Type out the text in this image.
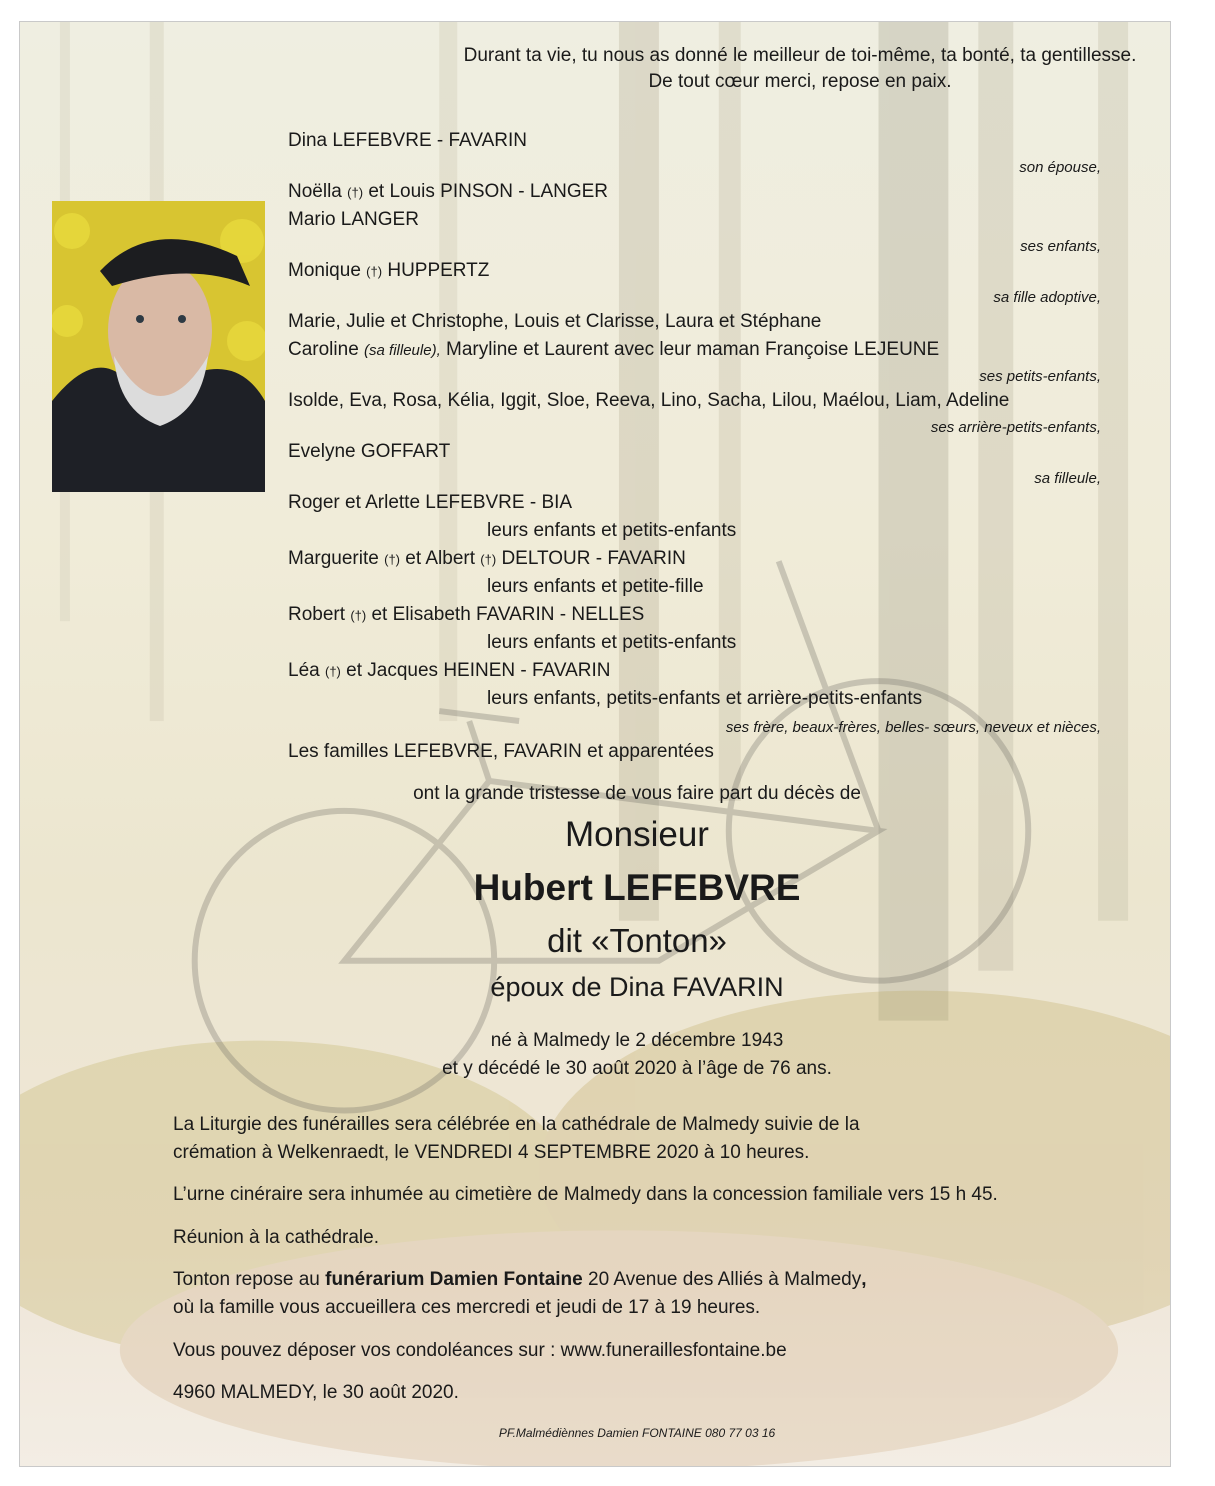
Durant ta vie, tu nous as donné le meilleur de toi-même, ta bonté, ta gentillesse.
De tout cœur merci, repose en paix.
Dina LEFEBVRE - FAVARIN
son épouse,
Noëlla (†) et Louis PINSON - LANGER
Mario LANGER
ses enfants,
Monique (†) HUPPERTZ
sa fille adoptive,
Marie, Julie et Christophe, Louis et Clarisse, Laura et Stéphane
Caroline (sa filleule), Maryline et Laurent avec leur maman Françoise LEJEUNE
ses petits-enfants,
Isolde, Eva, Rosa, Kélia, Iggit, Sloe, Reeva, Lino, Sacha, Lilou, Maélou, Liam, Adeline
ses arrière-petits-enfants,
Evelyne GOFFART
sa filleule,
Roger et Arlette LEFEBVRE - BIA
leurs enfants et petits-enfants
Marguerite (†) et Albert (†) DELTOUR - FAVARIN
leurs enfants et petite-fille
Robert (†) et Elisabeth FAVARIN - NELLES
leurs enfants et petits-enfants
Léa (†) et Jacques HEINEN - FAVARIN
leurs enfants, petits-enfants et arrière-petits-enfants
ses frère, beaux-frères, belles- sœurs, neveux et nièces,
Les familles LEFEBVRE, FAVARIN et apparentées
ont la grande tristesse de vous faire part du décès de
Monsieur
Hubert LEFEBVRE
dit «Tonton»
époux de Dina FAVARIN
né à Malmedy le 2 décembre 1943
et y décédé le 30 août 2020 à l’âge de 76 ans.
La Liturgie des funérailles sera célébrée en la cathédrale de Malmedy suivie de la
crémation à Welkenraedt, le VENDREDI 4 SEPTEMBRE 2020 à 10 heures.
L’urne cinéraire sera inhumée au cimetière de Malmedy dans la concession familiale vers 15 h 45.
Réunion à la cathédrale.
Tonton repose au funérarium Damien Fontaine 20 Avenue des Alliés à Malmedy,
où la famille vous accueillera ces mercredi et jeudi de 17 à 19 heures.
Vous pouvez déposer vos condoléances sur : www.funeraillesfontaine.be
4960 MALMEDY, le 30 août 2020.
PF.Malmédiènnes Damien FONTAINE 080 77 03 16
